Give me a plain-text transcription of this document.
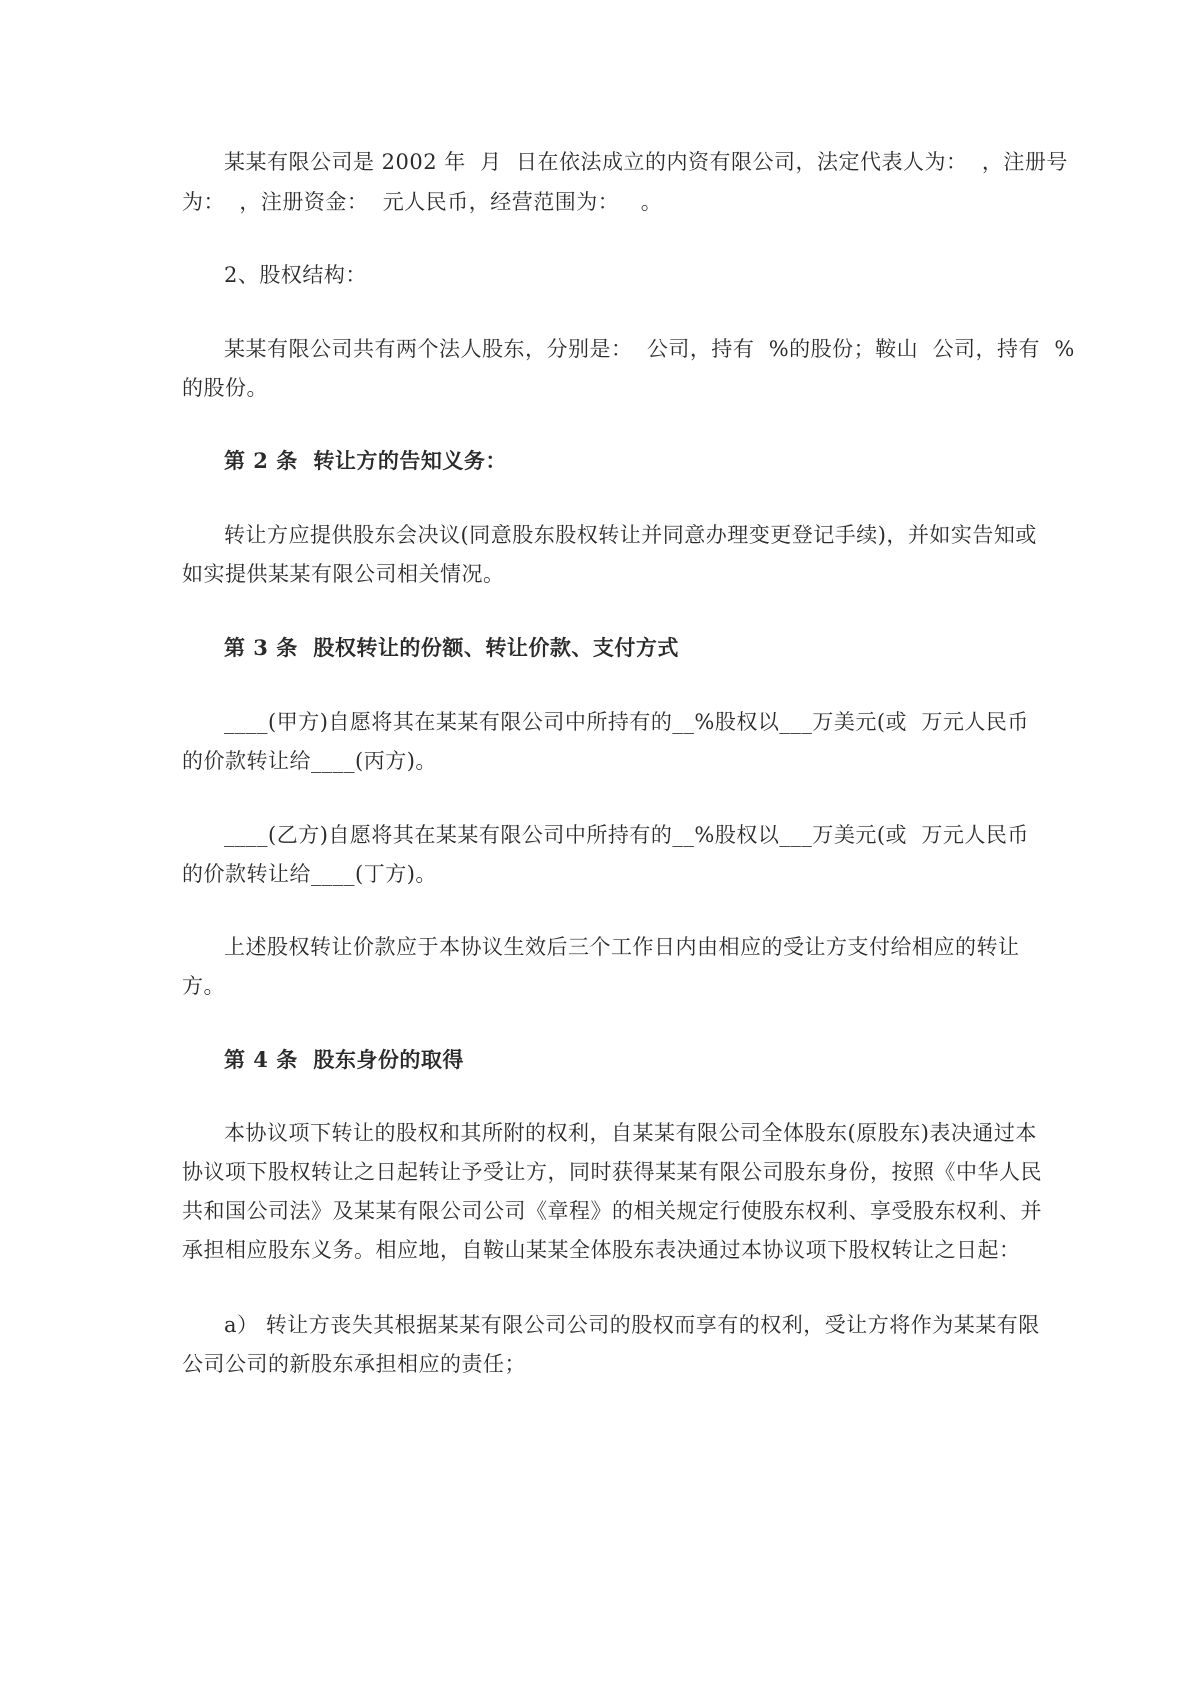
某某有限公司是 2002 年  月  日在依法成立的内资有限公司，法定代表人为：  ，注册号
为：  ，注册资金：  元人民币，经营范围为：   。
2、股权结构：
某某有限公司共有两个法人股东，分别是：  公司，持有  %的股份；鞍山  公司，持有  %
的股份。
第 2 条  转让方的告知义务：
转让方应提供股东会决议(同意股东股权转让并同意办理变更登记手续)，并如实告知或
如实提供某某有限公司相关情况。
第 3 条  股权转让的份额、转让价款、支付方式
____(甲方)自愿将其在某某有限公司中所持有的__%股权以___万美元(或  万元人民币
的价款转让给____(丙方)。
____(乙方)自愿将其在某某有限公司中所持有的__%股权以___万美元(或  万元人民币
的价款转让给____(丁方)。
上述股权转让价款应于本协议生效后三个工作日内由相应的受让方支付给相应的转让
方。
第 4 条  股东身份的取得
本协议项下转让的股权和其所附的权利，自某某有限公司全体股东(原股东)表决通过本
协议项下股权转让之日起转让予受让方，同时获得某某有限公司股东身份，按照《中华人民
共和国公司法》及某某有限公司公司《章程》的相关规定行使股东权利、享受股东权利、并
承担相应股东义务。相应地，自鞍山某某全体股东表决通过本协议项下股权转让之日起：
a） 转让方丧失其根据某某有限公司公司的股权而享有的权利，受让方将作为某某有限
公司公司的新股东承担相应的责任；
